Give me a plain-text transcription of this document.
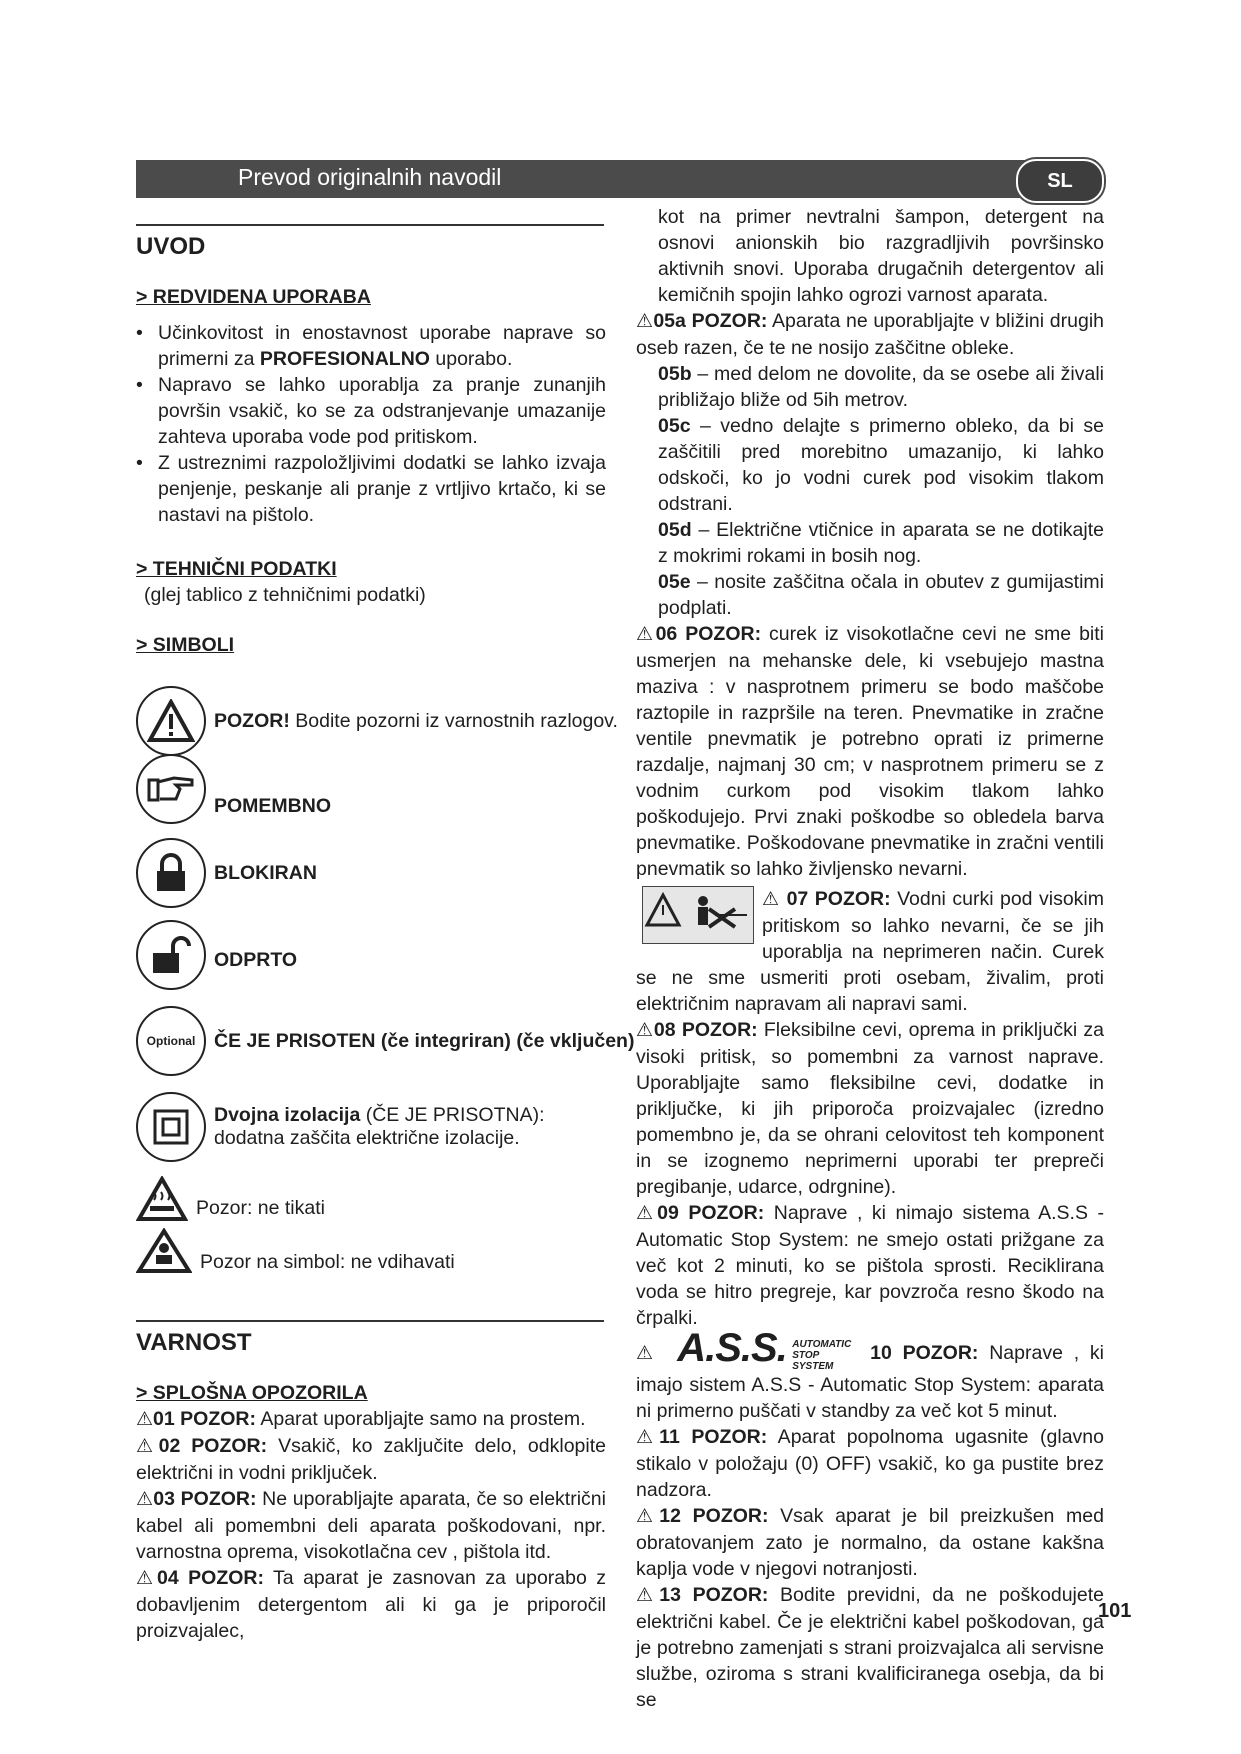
Prevod originalnih navodil	SL

UVOD

> REDVIDENA UPORABA

• Učinkovitost in enostavnost uporabe naprave so primerni za PROFESIONALNO uporabo.
• Napravo se lahko uporablja za pranje zunanjih površin vsakič, ko se za odstranjevanje umazanije zahteva uporaba vode pod pritiskom.
• Z ustreznimi razpoložljivimi dodatki se lahko izvaja penjenje, peskanje ali pranje z vrtljivo krtačo, ki se nastavi na pištolo.

> TEHNIČNI PODATKI

(glej tablico z tehničnimi podatki)

> SIMBOLI

POZOR! Bodite pozorni iz varnostnih razlogov.
POMEMBNO
BLOKIRAN
ODPRTO
Optional ČE JE PRISOTEN (če integriran) (če vključen)
Dvojna izolacija (ČE JE PRISOTNA): dodatna zaščita električne izolacije.
Pozor: ne tikati
Pozor na simbol: ne vdihavati

VARNOST

> SPLOŠNA OPOZORILA

⚠01 POZOR: Aparat uporabljajte samo na prostem.
⚠02 POZOR: Vsakič, ko zaključite delo, odklopite električni in vodni priključek.
⚠03 POZOR: Ne uporabljajte aparata, če so električni kabel ali pomembni deli aparata poškodovani, npr. varnostna oprema, visokotlačna cev , pištola itd.
⚠04 POZOR: Ta aparat je zasnovan za uporabo z dobavljenim detergentom ali ki ga je priporočil proizvajalec,

kot na primer nevtralni šampon, detergent na osnovi anionskih bio razgradljivih površinsko aktivnih snovi. Uporaba drugačnih detergentov ali kemičnih spojin lahko ogrozi varnost aparata.

⚠05a POZOR: Aparata ne uporabljajte v bližini drugih oseb razen, če te ne nosijo zaščitne obleke.
05b – med delom ne dovolite, da se osebe ali živali približajo bliže od 5ih metrov.
05c – vedno delajte s primerno obleko, da bi se zaščitili pred morebitno umazanijo, ki lahko odskoči, ko jo vodni curek pod visokim tlakom odstrani.
05d – Električne vtičnice in aparata se ne dotikajte z mokrimi rokami in bosih nog.
05e – nosite zaščitna očala in obutev z gumijastimi podplati.
⚠06 POZOR: curek iz visokotlačne cevi ne sme biti usmerjen na mehanske dele, ki vsebujejo mastna maziva : v nasprotnem primeru se bodo maščobe raztopile in razpršile na teren. Pnevmatike in zračne ventile pnevmatik je potrebno oprati iz primerne razdalje, najmanj 30 cm; v nasprotnem primeru se z vodnim curkom pod visokim tlakom lahko poškodujejo. Prvi znaki poškodbe so obledela barva pnevmatike. Poškodovane pnevmatike in zračni ventili pnevmatik so lahko življensko nevarni.
⚠ 07 POZOR: Vodni curki pod visokim pritiskom so lahko nevarni, če se jih uporablja na neprimeren način. Curek se ne sme usmeriti proti osebam, živalim, proti električnim napravam ali napravi sami.
⚠08 POZOR: Fleksibilne cevi, oprema in priključki za visoki pritisk, so pomembni za varnost naprave. Uporabljajte samo fleksibilne cevi, dodatke in priključke, ki jih priporoča proizvajalec (izredno pomembno je, da se ohrani celovitost teh komponent in se izognemo neprimerni uporabi ter prepreči pregibanje, udarce, odrgnine).
⚠09 POZOR: Naprave , ki nimajo sistema A.S.S - Automatic Stop System: ne smejo ostati prižgane za več kot 2 minuti, ko se pištola sprosti. Reciklirana voda se hitro pregreje, kar povzroča resno škodo na črpalki.
⚠ A.S.S. AUTOMATIC
STOP
SYSTEM 10 POZOR: Naprave , ki imajo sistem A.S.S - Automatic Stop System: aparata ni primerno puščati v standby za več kot 5 minut.
⚠11 POZOR: Aparat popolnoma ugasnite (glavno stikalo v položaju (0) OFF) vsakič, ko ga pustite brez nadzora.
⚠12 POZOR: Vsak aparat je bil preizkušen med obratovanjem zato je normalno, da ostane kakšna kaplja vode v njegovi notranjosti.
⚠13 POZOR: Bodite previdni, da ne poškodujete električni kabel. Če je električni kabel poškodovan, ga je potrebno zamenjati s strani proizvajalca ali servisne službe, oziroma s strani kvalificiranega osebja, da bi se
101
